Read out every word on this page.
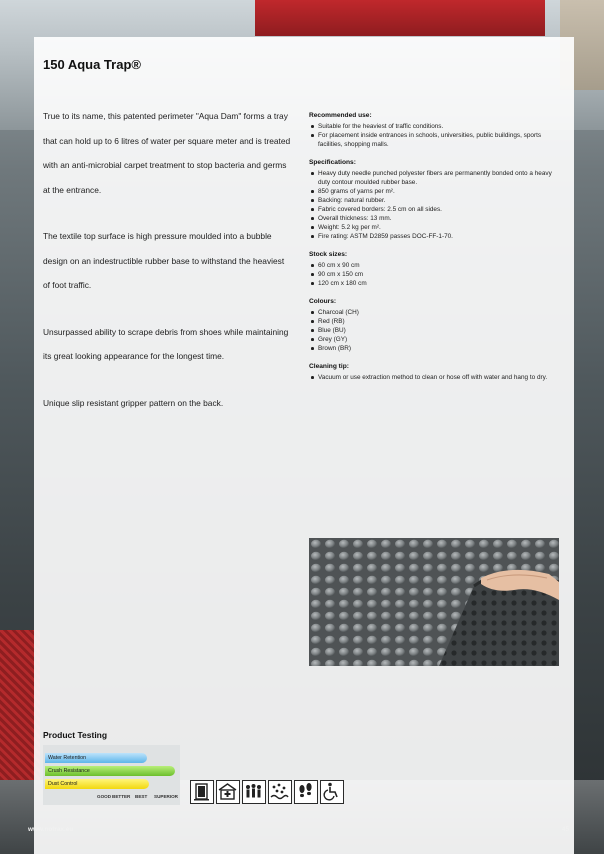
150 Aqua Trap®

True to its name, this patented perimeter "Aqua Dam" forms a tray that can hold up to 6 litres of water per square meter and is treated with an anti-microbial carpet treatment to stop bacteria and germs at the entrance.

The textile top surface is high pressure moulded into a bubble design on an indestructible rubber base to withstand the heaviest of foot traffic.

Unsurpassed ability to scrape debris from shoes while maintaining its great looking appearance for the longest time.

Unique slip resistant gripper pattern on the back.

Recommended use:
Suitable for the heaviest of traffic conditions.
For placement inside entrances in schools, universities, public buildings, sports facilities, shopping malls.
Specifications:
Heavy duty needle punched polyester fibers are permanently bonded onto a heavy duty contour moulded rubber base.
850 grams of yarns per m².
Backing: natural rubber.
Fabric covered borders: 2.5 cm on all sides.
Overall thickness: 13 mm.
Weight: 5.2 kg per m².
Fire rating: ASTM D2859 passes DOC-FF-1-70.
Stock sizes:
60 cm x 90 cm
90 cm x 150 cm
120 cm x 180 cm
Colours:
Charcoal (CH)
Red (RB)
Blue (BU)
Grey (GY)
Brown (BR)
Cleaning tip:
Vacuum or use extraction method to clean or hose off with water and hang to dry.
Product Testing
Water Retention
Crush Resistance
Dust Control
GOOD BETTER BEST SUPERIOR
www.notrax.eu	45
